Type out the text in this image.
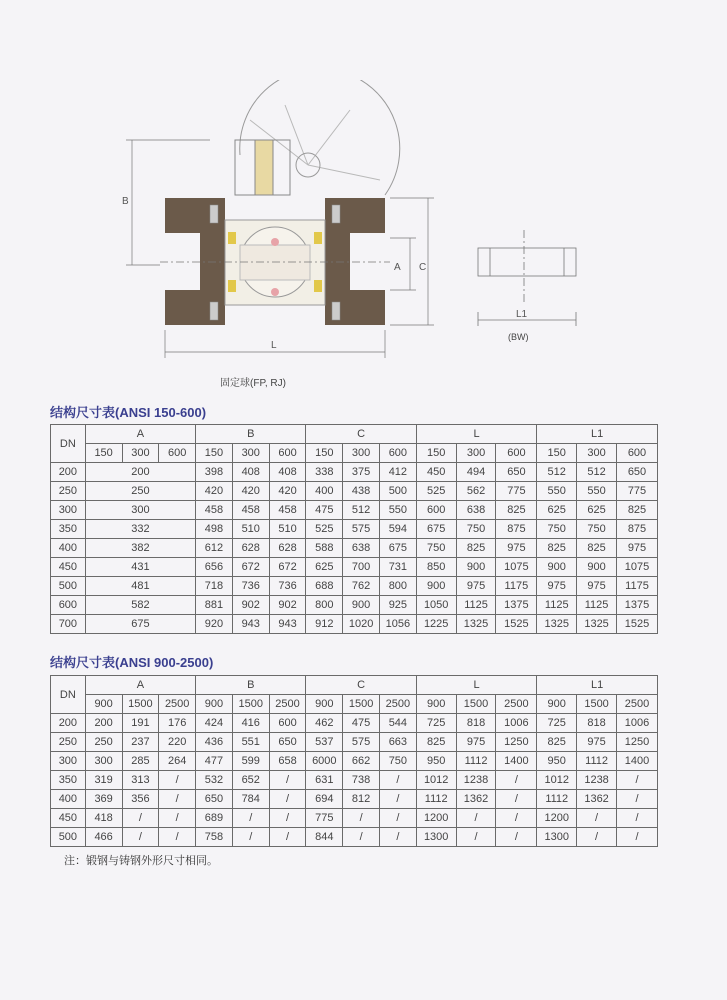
B
A C
L
L1
固定球(FP, RJ)
(BW)
结构尺寸表(ANSI 150-600)
DN	A			B			C			L			L1		
	150	300	600	150	300	600	150	300	600	150	300	600	150	300	600
200	200			398	408	408	338	375	412	450	494	650	512	512	650
250	250			420	420	420	400	438	500	525	562	775	550	550	775
300	300			458	458	458	475	512	550	600	638	825	625	625	825
350	332			498	510	510	525	575	594	675	750	875	750	750	875
400	382			612	628	628	588	638	675	750	825	975	825	825	975
450	431			656	672	672	625	700	731	850	900	1075	900	900	1075
500	481			718	736	736	688	762	800	900	975	1175	975	975	1175
600	582			881	902	902	800	900	925	1050	1125	1375	1125	1125	1375
700	675			920	943	943	912	1020	1056	1225	1325	1525	1325	1325	1525
结构尺寸表(ANSI 900-2500)
DN	A			B			C			L			L1		
	900	1500	2500	900	1500	2500	900	1500	2500	900	1500	2500	900	1500	2500
200	200	191	176	424	416	600	462	475	544	725	818	1006	725	818	1006
250	250	237	220	436	551	650	537	575	663	825	975	1250	825	975	1250
300	300	285	264	477	599	658	6000	662	750	950	1112	1400	950	1112	1400
350	319	313	/	532	652	/	631	738	/	1012	1238	/	1012	1238	/
400	369	356	/	650	784	/	694	812	/	1112	1362	/	1112	1362	/
450	418	/	/	689	/	/	775	/	/	1200	/	/	1200	/	/
500	466	/	/	758	/	/	844	/	/	1300	/	/	1300	/	/
注：锻钢与铸钢外形尺寸相同。
